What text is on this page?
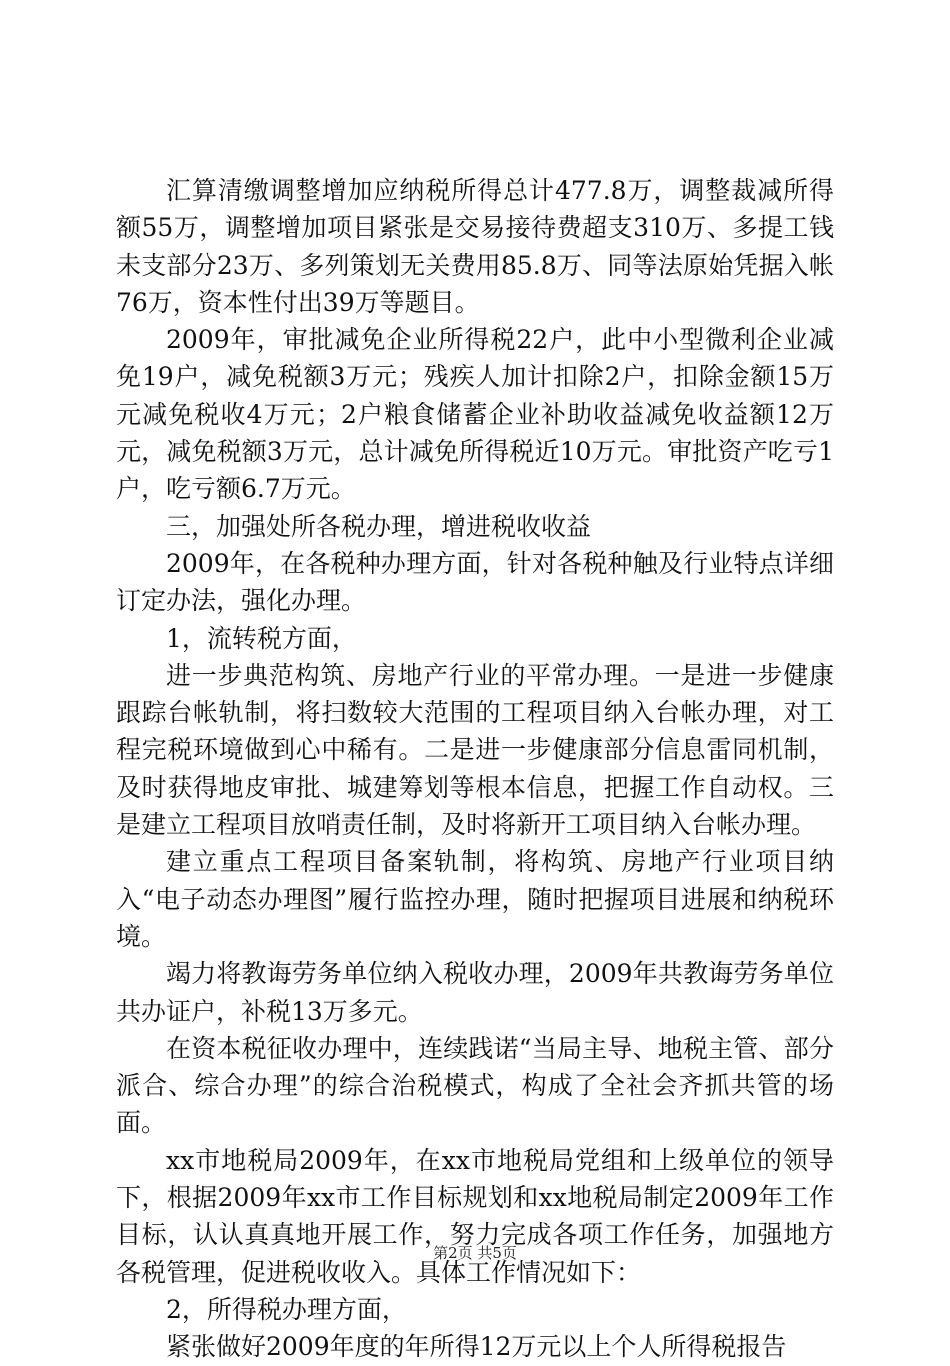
汇算清缴调整增加应纳税所得总计477.8万，调整裁减所得额55万，调整增加项目紧张是交易接待费超支310万、多提工钱未支部分23万、多列策划无关费用85.8万、同等法原始凭据入帐76万，资本性付出39万等题目。

2009年，审批减免企业所得税22户，此中小型微利企业减免19户，减免税额3万元；残疾人加计扣除2户，扣除金额15万元减免税收4万元；2户粮食储蓄企业补助收益减免收益额12万元，减免税额3万元，总计减免所得税近10万元。审批资产吃亏1户，吃亏额6.7万元。

三，加强处所各税办理，增进税收收益

2009年，在各税种办理方面，针对各税种触及行业特点详细订定办法，强化办理。

1，流转税方面，

进一步典范构筑、房地产行业的平常办理。一是进一步健康跟踪台帐轨制，将扫数较大范围的工程项目纳入台帐办理，对工程完税环境做到心中稀有。二是进一步健康部分信息雷同机制，及时获得地皮审批、城建筹划等根本信息，把握工作自动权。三是建立工程项目放哨责任制，及时将新开工项目纳入台帐办理。

建立重点工程项目备案轨制，将构筑、房地产行业项目纳入“电子动态办理图”履行监控办理，随时把握项目进展和纳税环境。

竭力将教诲劳务单位纳入税收办理，2009年共教诲劳务单位共办证户，补税13万多元。

在资本税征收办理中，连续践诺“当局主导、地税主管、部分派合、综合办理”的综合治税模式，构成了全社会齐抓共管的场面。

xx市地税局2009年，在xx市地税局党组和上级单位的领导下，根据2009年xx市工作目标规划和xx地税局制定2009年工作目标，认认真真地开展工作，努力完成各项工作任务，加强地方各税管理，促进税收收入。具体工作情况如下：

2，所得税办理方面，

紧张做好2009年度的年所得12万元以上个人所得税报告

第2页 共5页
